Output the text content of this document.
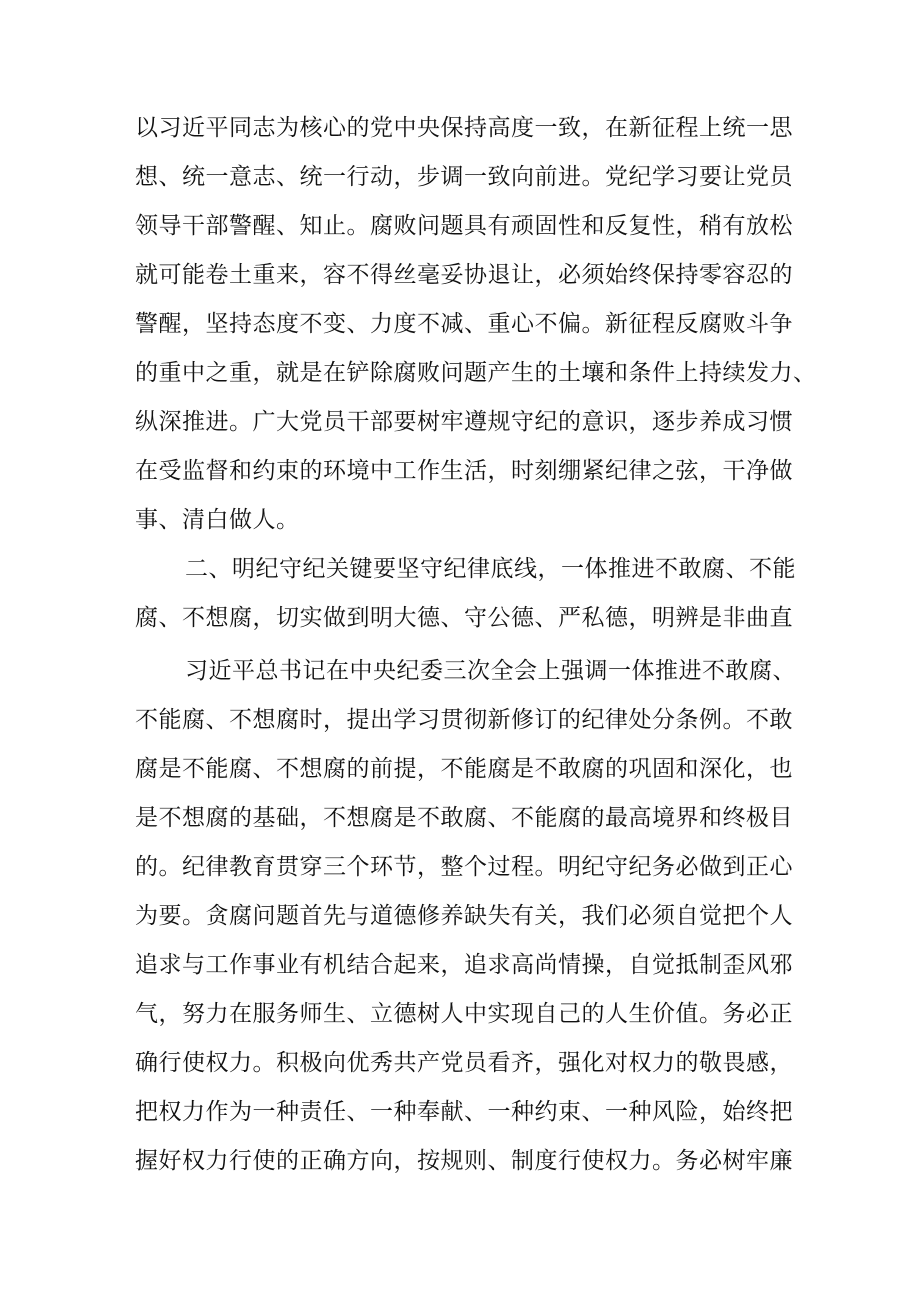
以习近平同志为核心的党中央保持高度一致，在新征程上统一思
想、统一意志、统一行动，步调一致向前进。党纪学习要让党员
领导干部警醒、知止。腐败问题具有顽固性和反复性，稍有放松
就可能卷土重来，容不得丝毫妥协退让，必须始终保持零容忍的
警醒，坚持态度不变、力度不减、重心不偏。新征程反腐败斗争
的重中之重，就是在铲除腐败问题产生的土壤和条件上持续发力、
纵深推进。广大党员干部要树牢遵规守纪的意识，逐步养成习惯
在受监督和约束的环境中工作生活，时刻绷紧纪律之弦，干净做
事、清白做人。
二、明纪守纪关键要坚守纪律底线，一体推进不敢腐、不能
腐、不想腐，切实做到明大德、守公德、严私德，明辨是非曲直
习近平总书记在中央纪委三次全会上强调一体推进不敢腐、
不能腐、不想腐时，提出学习贯彻新修订的纪律处分条例。不敢
腐是不能腐、不想腐的前提，不能腐是不敢腐的巩固和深化，也
是不想腐的基础，不想腐是不敢腐、不能腐的最高境界和终极目
的。纪律教育贯穿三个环节，整个过程。明纪守纪务必做到正心
为要。贪腐问题首先与道德修养缺失有关，我们必须自觉把个人
追求与工作事业有机结合起来，追求高尚情操，自觉抵制歪风邪
气，努力在服务师生、立德树人中实现自己的人生价值。务必正
确行使权力。积极向优秀共产党员看齐，强化对权力的敬畏感，
把权力作为一种责任、一种奉献、一种约束、一种风险，始终把
握好权力行使的正确方向，按规则、制度行使权力。务必树牢廉
